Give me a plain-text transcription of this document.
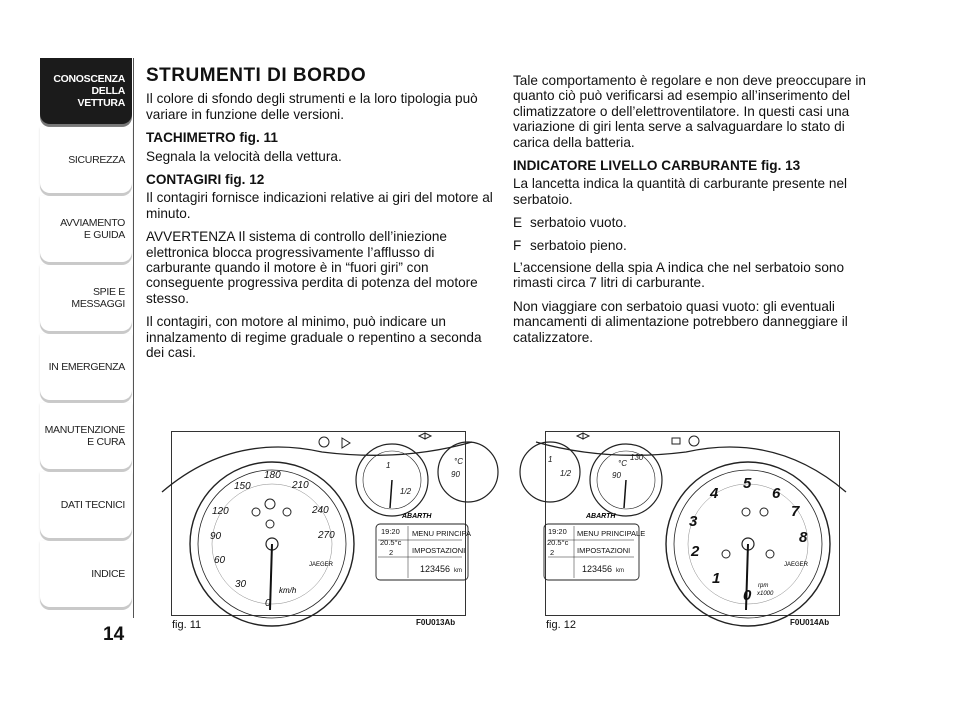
CONOSCENZA
DELLA
VETTURA
SICUREZZA
AVVIAMENTO
E GUIDA
SPIE E
MESSAGGI
IN EMERGENZA
MANUTENZIONE
E CURA
DATI TECNICI
INDICE
14

STRUMENTI DI BORDO

Il colore di sfondo degli strumenti e la loro tipologia può variare in funzione delle versioni.

TACHIMETRO fig. 11

Segnala la velocità della vettura.

CONTAGIRI fig. 12

Il contagiri fornisce indicazioni relative ai giri del motore al minuto.

AVVERTENZA Il sistema di controllo dell’iniezione elettronica blocca progressivamente l’afflusso di carburante quando il motore è in “fuori giri” con conseguente progressiva perdita di potenza del motore stesso.

Il contagiri, con motore al minimo, può indicare un innalzamento di regime graduale o repentino a seconda dei casi.

Tale comportamento è regolare e non deve preoccupare in quanto ciò può verificarsi ad esempio all’inserimento del climatizzatore o dell’elettroventilatore. In questi casi una variazione di giri lenta serve a salvaguardare lo stato di carica della batteria.

INDICATORE LIVELLO CARBURANTE fig. 13

La lancetta indica la quantità di carburante presente nel serbatoio.

E serbatoio vuoto.
F serbatoio pieno.

L’accensione della spia A indica che nel serbatoio sono rimasti circa 7 litri di carburante.

Non viaggiare con serbatoio quasi vuoto: gli eventuali mancamenti di alimentazione potrebbero danneggiare il catalizzatore.

0
30
60
90
120
150
180
210
240
270
km/h
JAEGER
ABARTH
1
1/2
°C
90
19:20
20.5°c
2
MENU PRINCIPA
IMPOSTAZIONI
123456 km
fig. 11	F0U013Ab
0
1
2
3
4
5
6
7
8
rpm
x1000
JAEGER
ABARTH
1
1/2
°C
90
130
19:20
20.5°c
2
MENU PRINCIPALE
IMPOSTAZIONI
123456 km
fig. 12	F0U014Ab
